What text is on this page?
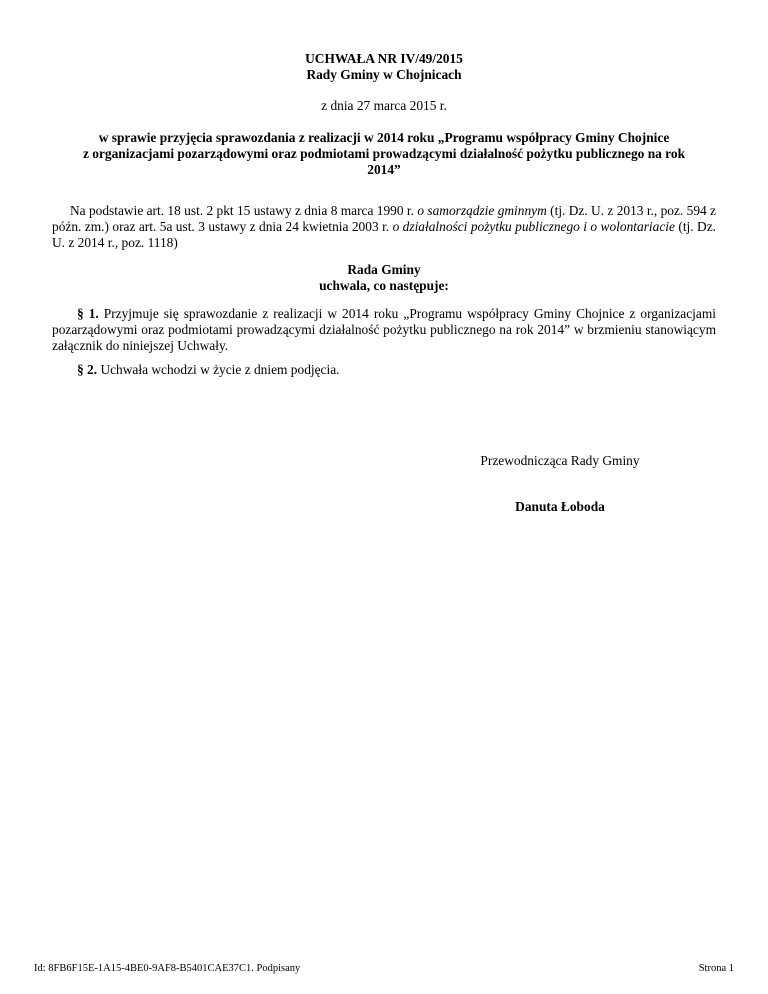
UCHWAŁA NR IV/49/2015

Rady Gminy w Chojnicach

z dnia 27 marca 2015 r.

w sprawie przyjęcia sprawozdania z realizacji w 2014 roku „Programu współpracy Gminy Chojnice

z organizacjami pozarządowymi oraz podmiotami prowadzącymi działalność pożytku publicznego na rok

2014”

Na podstawie art. 18 ust. 2 pkt 15 ustawy z dnia 8 marca 1990 r. o samorządzie gminnym (tj. Dz. U. z 2013 r., poz. 594 z późn. zm.) oraz art. 5a ust. 3 ustawy z dnia 24 kwietnia 2003 r. o działalności pożytku publicznego i o wolontariacie (tj. Dz. U. z 2014 r., poz. 1118)

Rada Gminy

uchwala, co następuje:

§ 1. Przyjmuje się sprawozdanie z realizacji w 2014 roku „Programu współpracy Gminy Chojnice z organizacjami pozarządowymi oraz podmiotami prowadzącymi działalność pożytku publicznego na rok 2014” w brzmieniu stanowiącym załącznik do niniejszej Uchwały.
§ 2. Uchwała wchodzi w życie z dniem podjęcia.
Przewodnicząca Rady Gminy
Danuta Łoboda
Id: 8FB6F15E-1A15-4BE0-9AF8-B5401CAE37C1. Podpisany	Strona 1
